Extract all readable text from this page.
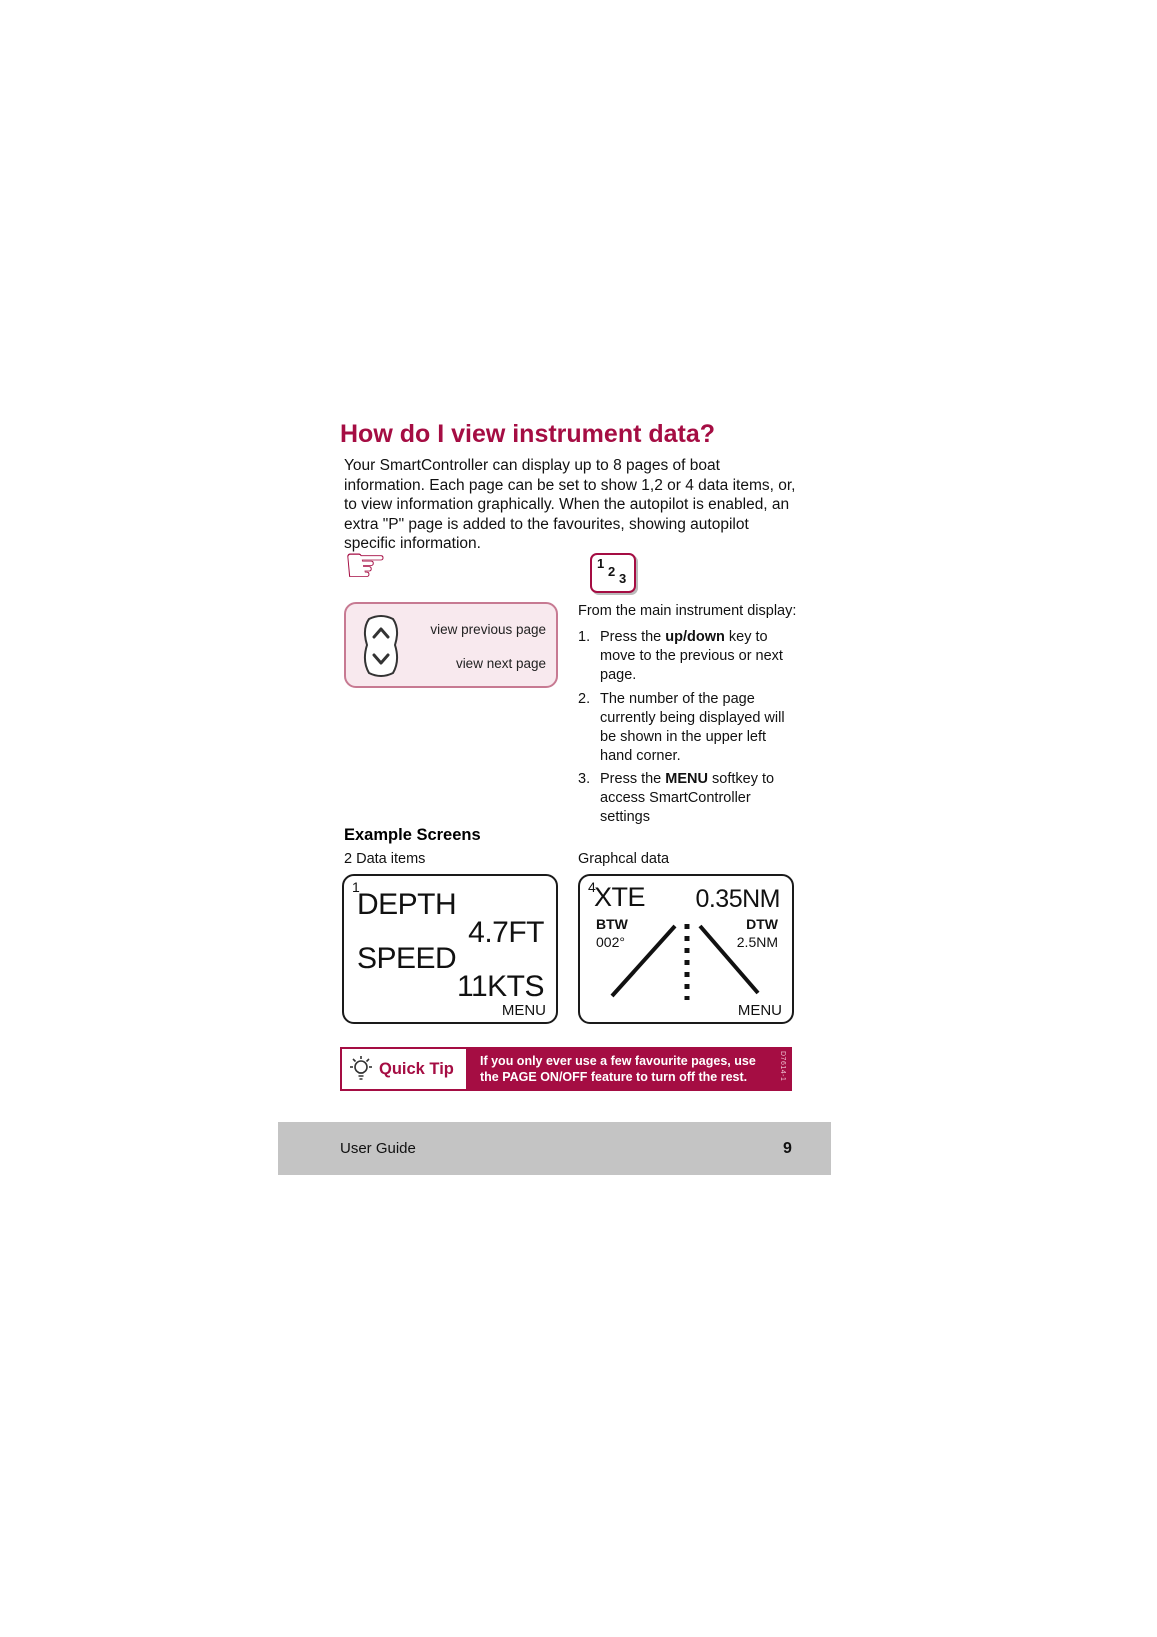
How do I view instrument data?
Your SmartController can display up to 8 pages of boat information. Each page can be set to show 1,2 or 4 data items, or, to view information graphically. When the autopilot is enabled, an extra "P" page is added to the favourites, showing autopilot specific information.
☞	1
2 3
view previous page
view next page
From the main instrument display:
1. Press the up/down key to move to the previous or next page.
2. The number of the page currently being displayed will be shown in the upper left hand corner.
3. Press the MENU softkey to access SmartController settings
Example Screens
2 Data items	Graphcal data
1
DEPTH
4.7FT
SPEED
11KTS
MENU
4
XTE 0.35NM
BTW	DTW
002°	2.5NM
MENU
Quick Tip If you only ever use a few favourite pages, use
the PAGE ON/OFF feature to turn off the rest.	D7614-1
User Guide	9
